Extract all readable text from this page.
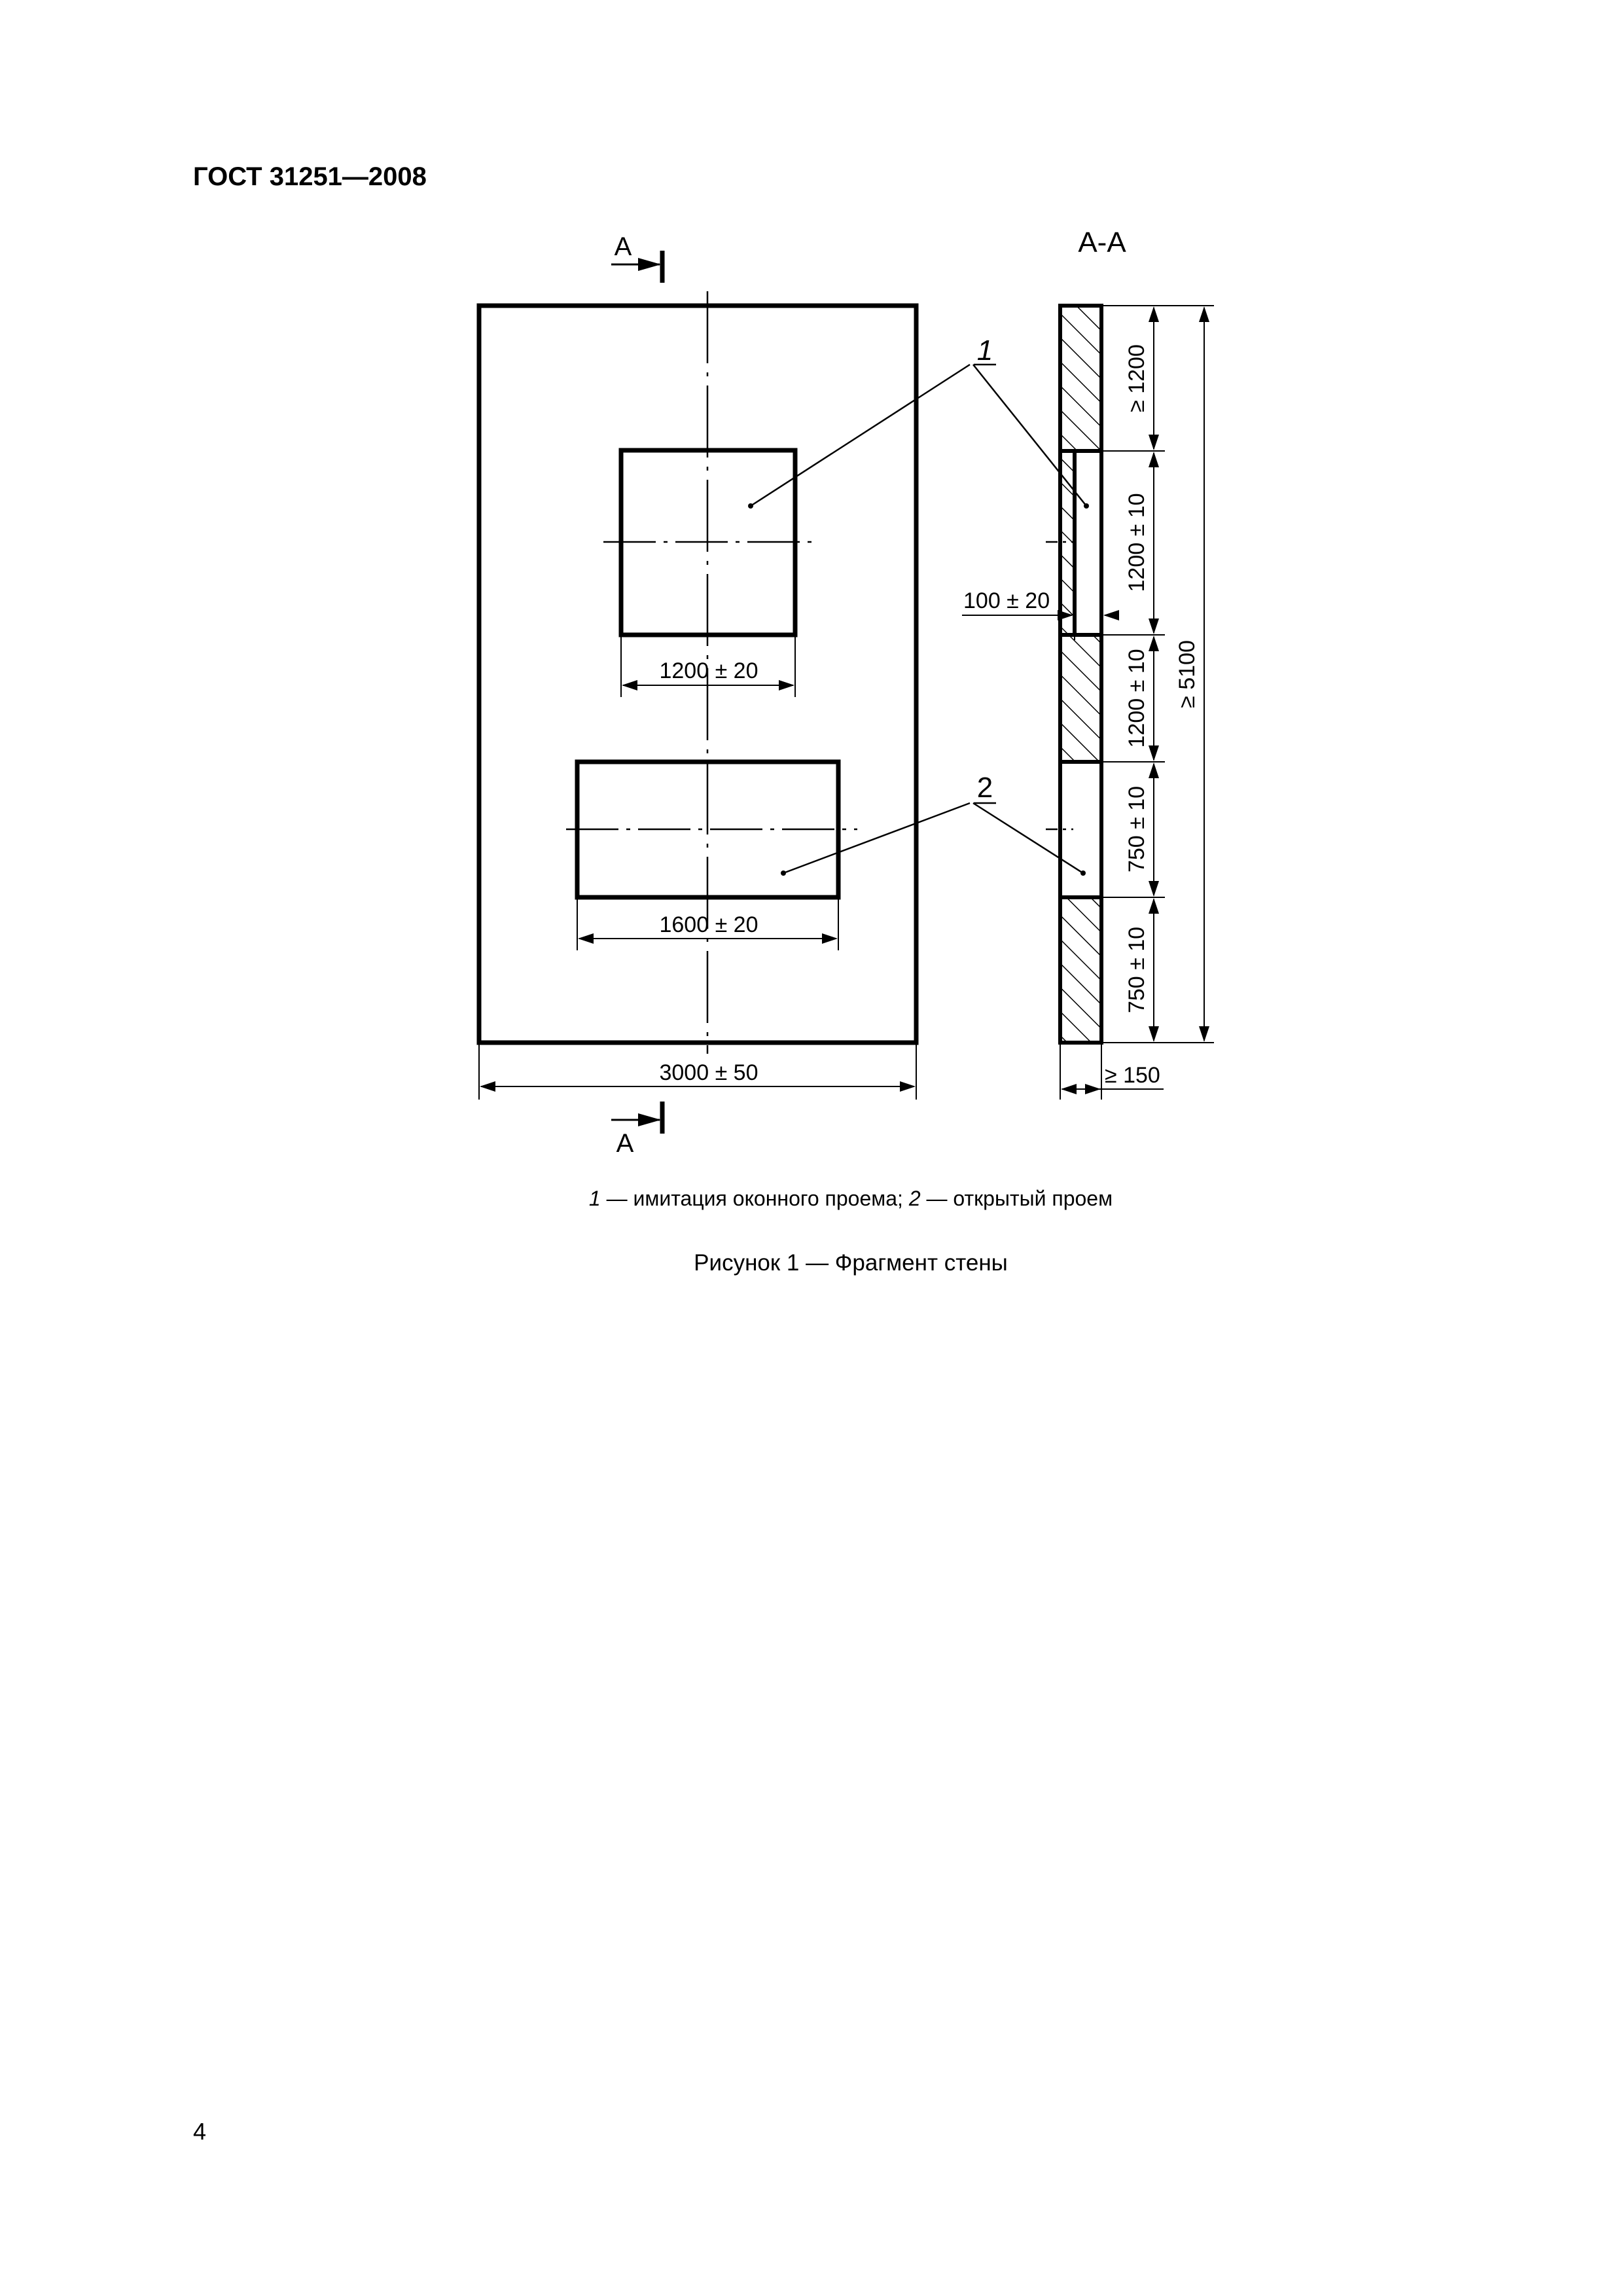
ГОСТ 31251—2008
1200 ± 20
1600 ± 20
3000 ± 50
А
А
1
2
А-А
≥ 1200
1200 ± 10
1200 ± 10
750 ± 10
750 ± 10
≥ 5100
100 ± 20
≥ 150
1 — имитация оконного проема; 2 — открытый проем
Рисунок 1 — Фрагмент стены
4
